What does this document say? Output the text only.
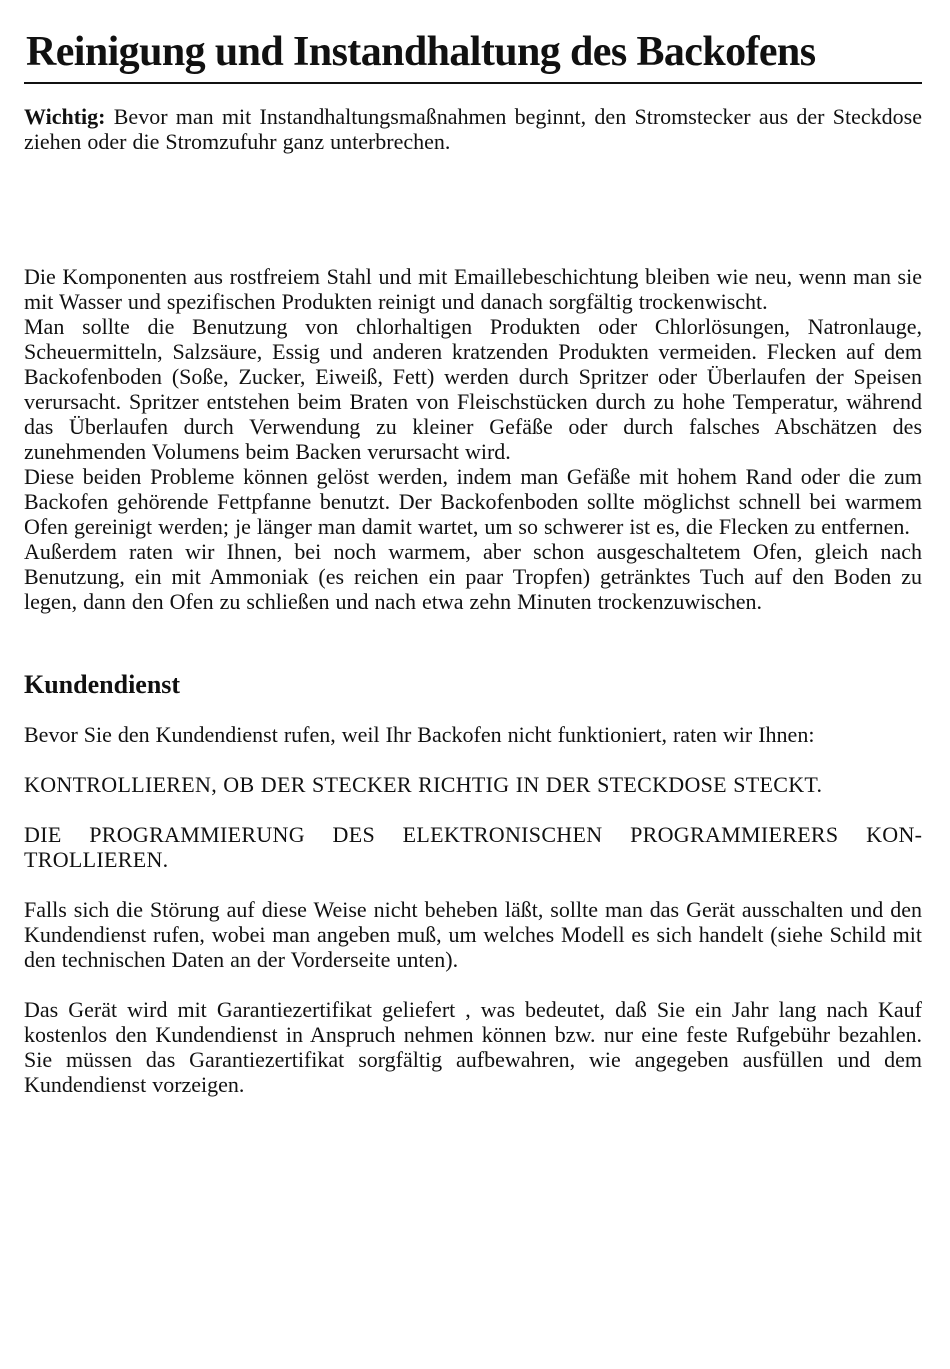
Reinigung und Instandhaltung des Backofens

Wichtig: Bevor man mit Instandhaltungsmaßnahmen beginnt, den Stromstecker aus der Steckdose ziehen oder die Stromzufuhr ganz unterbrechen.

Die Komponenten aus rostfreiem Stahl und mit Emaillebeschichtung bleiben wie neu, wenn man sie mit Wasser und spezifischen Produkten reinigt und danach sorgfältig trockenwischt.

Man sollte die Benutzung von chlorhaltigen Produkten oder Chlorlösungen, Natronlauge, Scheuermitteln, Salzsäure, Essig und anderen kratzenden Produkten vermeiden. Flecken auf dem Backofenboden (Soße, Zucker, Eiweiß, Fett) werden durch Spritzer oder Überlaufen der Speisen verursacht. Spritzer entstehen beim Braten von Fleischstücken durch zu hohe Temperatur, während das Überlaufen durch Verwendung zu kleiner Gefäße oder durch falsches Abschätzen des zunehmenden Volumens beim Backen verursacht wird.

Diese beiden Probleme können gelöst werden, indem man Gefäße mit hohem Rand oder die zum Backofen gehörende Fettpfanne benutzt. Der Backofenboden sollte möglichst schnell bei warmem Ofen gereinigt werden; je länger man damit wartet, um so schwerer ist es, die Flecken zu entfernen.

Außerdem raten wir Ihnen, bei noch warmem, aber schon ausgeschaltetem Ofen, gleich nach Benutzung, ein mit Ammoniak (es reichen ein paar Tropfen) getränktes Tuch auf den Boden zu legen, dann den Ofen zu schließen und nach etwa zehn Minuten trockenzuwischen.

Kundendienst

Bevor Sie den Kundendienst rufen, weil Ihr Backofen nicht funktioniert, raten wir Ihnen:

KONTROLLIEREN, OB DER STECKER RICHTIG IN DER STECKDOSE STECKT.

DIE PROGRAMMIERUNG DES ELEKTRONISCHEN PROGRAMMIERERS KONTROLLIEREN.

Falls sich die Störung auf diese Weise nicht beheben läßt, sollte man das Gerät ausschalten und den Kundendienst rufen, wobei man angeben muß, um welches Modell es sich handelt (siehe Schild mit den technischen Daten an der Vorderseite unten).

Das Gerät wird mit Garantiezertifikat geliefert , was bedeutet, daß Sie ein Jahr lang nach Kauf kostenlos den Kundendienst in Anspruch nehmen können bzw. nur eine feste Rufgebühr bezahlen. Sie müssen das Garantiezertifikat sorgfältig aufbewahren, wie angegeben ausfüllen und dem Kundendienst vorzeigen.
